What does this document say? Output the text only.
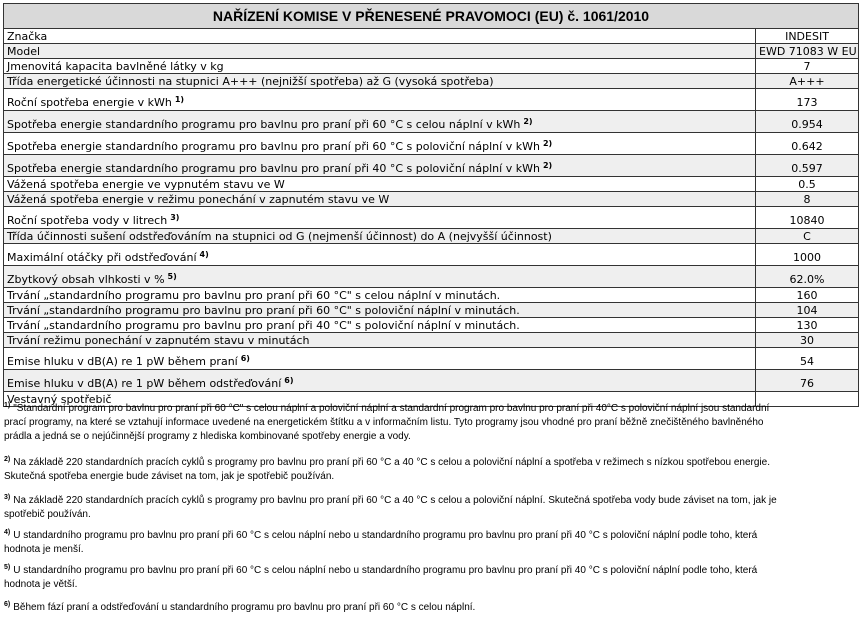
NAŘÍZENÍ KOMISE V PŘENESENÉ PRAVOMOCI (EU) č. 1061/2010	
Značka	INDESIT
Model	EWD 71083 W EU
Jmenovitá kapacita bavlněné látky v kg	7
Třída energetické účinnosti na stupnici A+++ (nejnižší spotřeba) až G (vysoká spotřeba)	A+++
Roční spotřeba energie v kWh $^{1)}$	173
Spotřeba energie standardního programu pro bavlnu pro praní při 60 °C s celou náplní v kWh $^{2)}$	0.954
Spotřeba energie standardního programu pro bavlnu pro praní při 60 °C s poloviční náplní v kWh $^{2)}$	0.642
Spotřeba energie standardního programu pro bavlnu pro praní při 40 °C s poloviční náplní v kWh $^{2)}$	0.597
Vážená spotřeba energie ve vypnutém stavu ve W	0.5
Vážená spotřeba energie v režimu ponechání v zapnutém stavu ve W	8
Roční spotřeba vody v litrech $^{3)}$	10840
Třída účinnosti sušení odstřeďováním na stupnici od G (nejmenší účinnost) do A (nejvyšší účinnost)	C
Maximální otáčky při odstřeďování $^{4)}$	1000
Zbytkový obsah vlhkosti v % $^{5)}$	62.0%
Trvání „standardního programu pro bavlnu pro praní při 60 °C" s celou náplní v minutách.	160
Trvání „standardního programu pro bavlnu pro praní při 60 °C" s poloviční náplní v minutách.	104
Trvání „standardního programu pro bavlnu pro praní při 40 °C" s poloviční náplní v minutách.	130
Trvání režimu ponechání v zapnutém stavu v minutách	30
Emise hluku v dB(A) re 1 pW během praní $^{6)}$	54
Emise hluku v dB(A) re 1 pW během odstřeďování $^{6)}$	76
Vestavný spotřebič	
$^{1)}$ "Standardní program pro bavlnu pro praní při 60 °C" s celou náplní a poloviční náplní a standardní program pro bavlnu pro praní při 40°C s poloviční náplní jsou standardní
prací programy, na které se vztahují informace uvedené na energetickém štítku a v informačním listu. Tyto programy jsou vhodné pro praní běžně znečištěného bavlněného
prádla a jedná se o nejúčinnější programy z hlediska kombinované spotřeby energie a vody.
$^{2)}$ Na základě 220 standardních pracích cyklů s programy pro bavlnu pro praní při 60 °C a 40 °C s celou a poloviční náplní a spotřeba v režimech s nízkou spotřebou energie.
Skutečná spotřeba energie bude záviset na tom, jak je spotřebič používán.
$^{3)}$ Na základě 220 standardních pracích cyklů s programy pro bavlnu pro praní při 60 °C a 40 °C s celou a poloviční náplní. Skutečná spotřeba vody bude záviset na tom, jak je
spotřebič používán.
$^{4)}$ U standardního programu pro bavlnu pro praní při 60 °C s celou náplní nebo u standardního programu pro bavlnu pro praní při 40 °C s poloviční náplní podle toho, která
hodnota je menší.
$^{5)}$ U standardního programu pro bavlnu pro praní při 60 °C s celou náplní nebo u standardního programu pro bavlnu pro praní při 40 °C s poloviční náplní podle toho, která
hodnota je větší.
$^{6)}$ Během fází praní a odstřeďování u standardního programu pro bavlnu pro praní při 60 °C s celou náplní.
